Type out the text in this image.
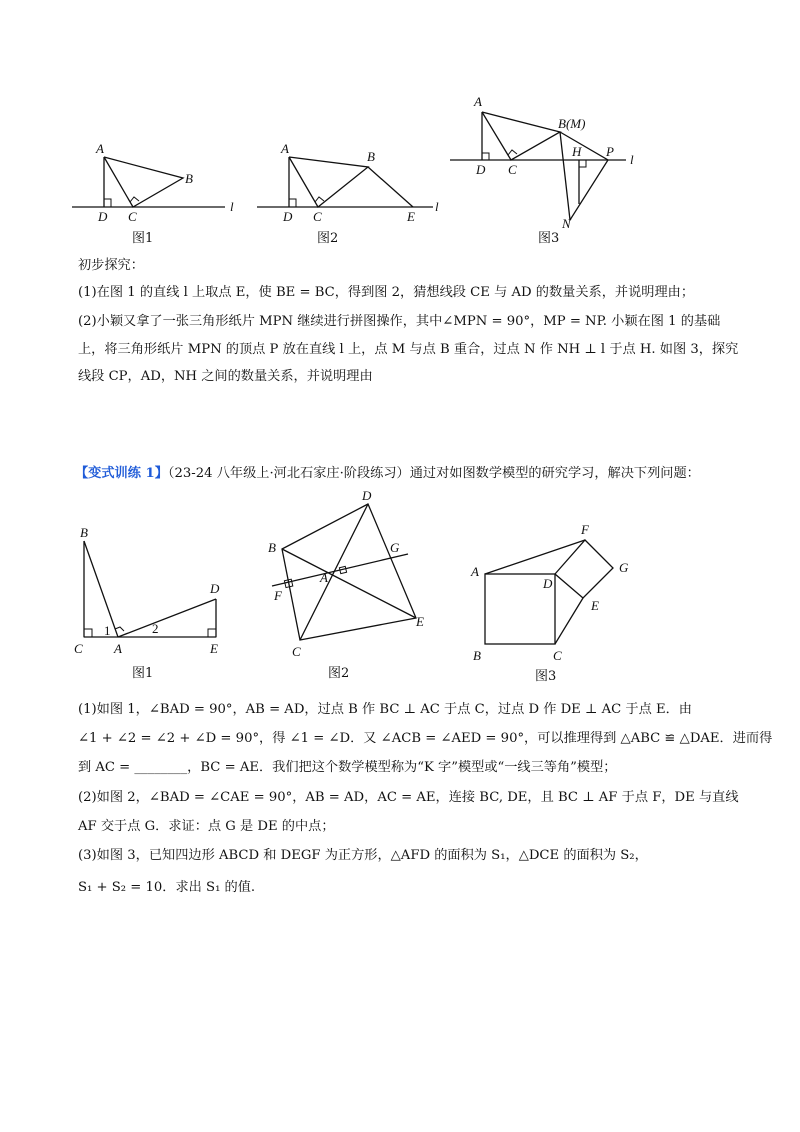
A
B
D C
l
图1
A
B
D C	E
l
图2
A
B(M)
D C
H P
N
l
图3
初步探究：
(1)在图 1 的直线 l 上取点 E，使 BE = BC，得到图 2，猜想线段 CE 与 AD 的数量关系，并说明理由；
(2)小颖又拿了一张三角形纸片 MPN 继续进行拼图操作，其中∠MPN = 90°，MP = NP. 小颖在图 1 的基础
上，将三角形纸片 MPN 的顶点 P 放在直线 l 上，点 M 与点 B 重合，过点 N 作 NH ⊥ l 于点 H. 如图 3，探究
线段 CP，AD，NH 之间的数量关系，并说明理由
【变式训练 1】（23-24 八年级上·河北石家庄·阶段练习）通过对如图数学模型的研究学习，解决下列问题：
B
D
C A	E
1	2
图1
D
B	G
A
F
E
C
图2
F
A
D
G
E
B	C
图3
(1)如图 1，∠BAD = 90°，AB = AD，过点 B 作 BC ⊥ AC 于点 C，过点 D 作 DE ⊥ AC 于点 E．由
∠1 + ∠2 = ∠2 + ∠D = 90°，得 ∠1 = ∠D．又 ∠ACB = ∠AED = 90°，可以推理得到 △ABC ≌ △DAE．进而得
到 AC = ________，BC = AE．我们把这个数学模型称为“K 字”模型或“一线三等角”模型；
(2)如图 2，∠BAD = ∠CAE = 90°，AB = AD，AC = AE，连接 BC, DE，且 BC ⊥ AF 于点 F，DE 与直线
AF 交于点 G．求证：点 G 是 DE 的中点；
(3)如图 3，已知四边形 ABCD 和 DEGF 为正方形，△AFD 的面积为 S₁，△DCE 的面积为 S₂，
S₁ + S₂ = 10．求出 S₁ 的值.
